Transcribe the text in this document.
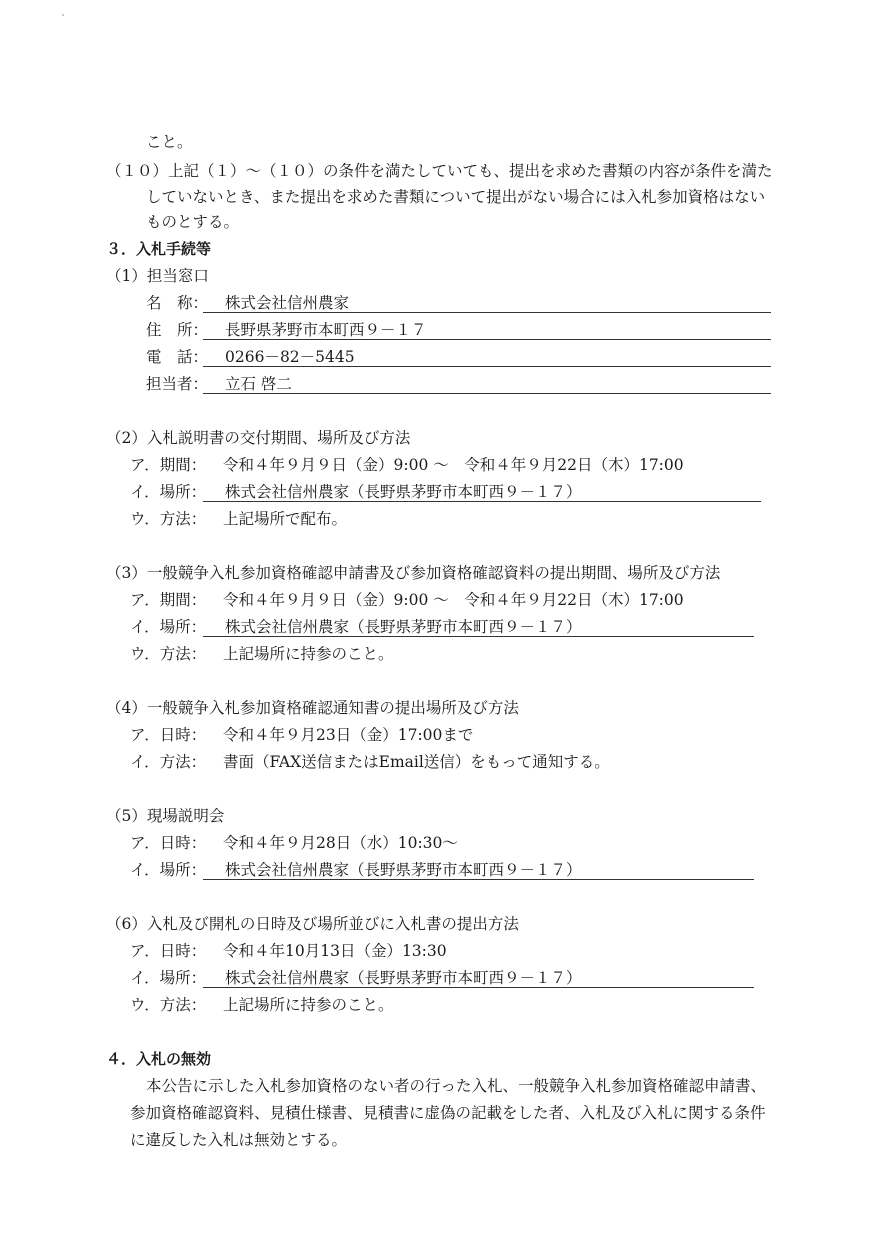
こと。
（１０）上記（１）～（１０）の条件を満たしていても、提出を求めた書類の内容が条件を満た
していないとき、また提出を求めた書類について提出がない場合には入札参加資格はない
ものとする。
３．入札手続等
（1）担当窓口
名　称：	株式会社信州農家
住　所：	長野県茅野市本町西９－１７
電　話：	0266－82－5445
担当者：	立石 啓二
（2）入札説明書の交付期間、場所及び方法
ア．期間： 令和４年９月９日（金）9:00 ～　令和４年９月22日（木）17:00
イ．場所：	株式会社信州農家（長野県茅野市本町西９－１７）
ウ．方法： 上記場所で配布。
（3）一般競争入札参加資格確認申請書及び参加資格確認資料の提出期間、場所及び方法
ア．期間： 令和４年９月９日（金）9:00 ～　令和４年９月22日（木）17:00
イ．場所：	株式会社信州農家（長野県茅野市本町西９－１７）
ウ．方法： 上記場所に持参のこと。
（4）一般競争入札参加資格確認通知書の提出場所及び方法
ア．日時： 令和４年９月23日（金）17:00まで
イ．方法： 書面（FAX送信またはEmail送信）をもって通知する。
（5）現場説明会
ア．日時： 令和４年９月28日（水）10:30～
イ．場所：	株式会社信州農家（長野県茅野市本町西９－１７）
（6）入札及び開札の日時及び場所並びに入札書の提出方法
ア．日時： 令和４年10月13日（金）13:30
イ．場所：	株式会社信州農家（長野県茅野市本町西９－１７）
ウ．方法： 上記場所に持参のこと。
４．入札の無効
本公告に示した入札参加資格のない者の行った入札、一般競争入札参加資格確認申請書、
参加資格確認資料、見積仕様書、見積書に虚偽の記載をした者、入札及び入札に関する条件
に違反した入札は無効とする。
